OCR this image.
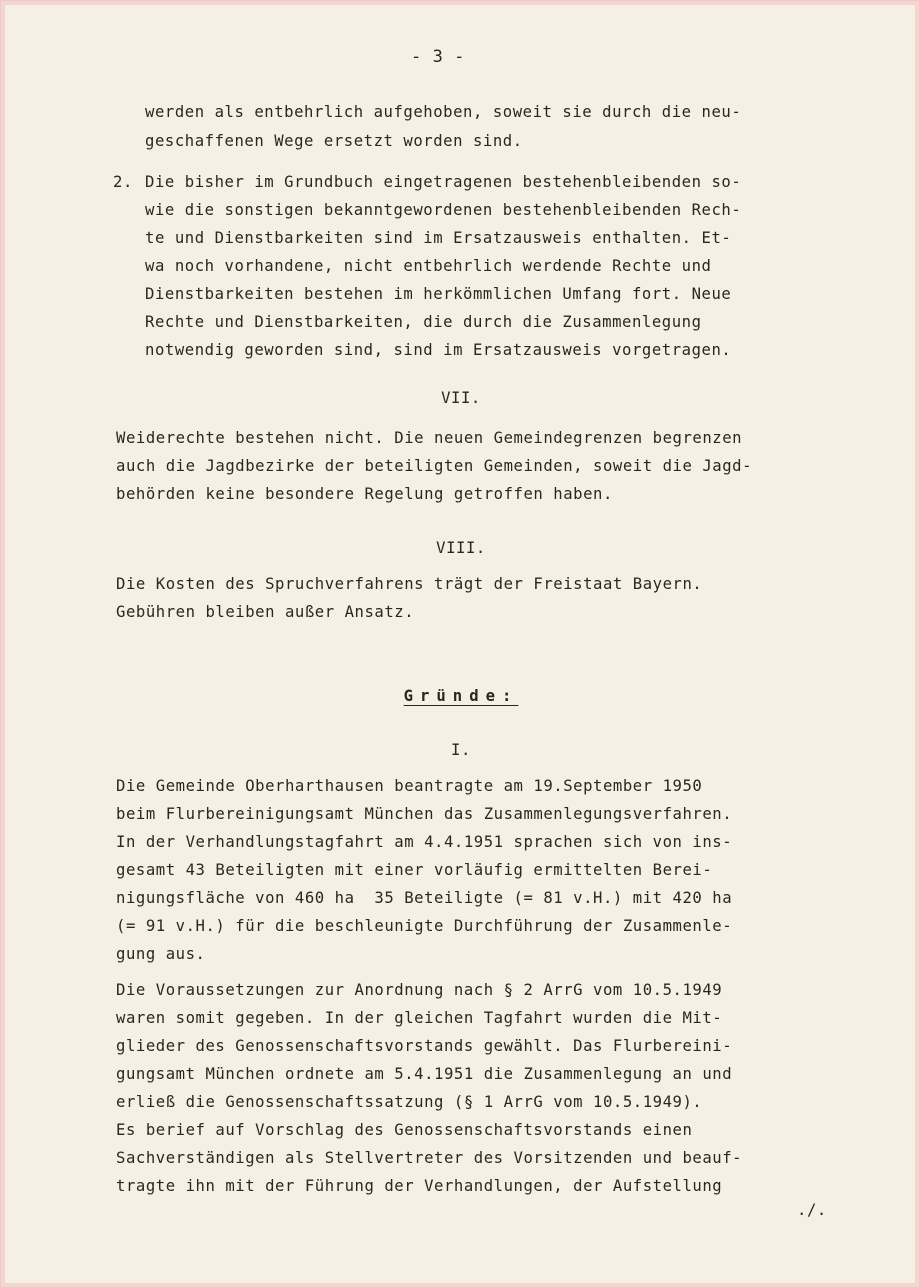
- 3 -
werden als entbehrlich aufgehoben, soweit sie durch die neu-
geschaffenen Wege ersetzt worden sind.
2. Die bisher im Grundbuch eingetragenen bestehenbleibenden so-
wie die sonstigen bekanntgewordenen bestehenbleibenden Rech-
te und Dienstbarkeiten sind im Ersatzausweis enthalten. Et-
wa noch vorhandene, nicht entbehrlich werdende Rechte und
Dienstbarkeiten bestehen im herkömmlichen Umfang fort. Neue
Rechte und Dienstbarkeiten, die durch die Zusammenlegung
notwendig geworden sind, sind im Ersatzausweis vorgetragen.
VII.
Weiderechte bestehen nicht. Die neuen Gemeindegrenzen begrenzen
auch die Jagdbezirke der beteiligten Gemeinden, soweit die Jagd-
behörden keine besondere Regelung getroffen haben.
VIII.
Die Kosten des Spruchverfahrens trägt der Freistaat Bayern.
Gebühren bleiben außer Ansatz.
Gründe:
I.
Die Gemeinde Oberharthausen beantragte am 19.September 1950
beim Flurbereinigungsamt München das Zusammenlegungsverfahren.
In der Verhandlungstagfahrt am 4.4.1951 sprachen sich von ins-
gesamt 43 Beteiligten mit einer vorläufig ermittelten Berei-
nigungsfläche von 460 ha  35 Beteiligte (= 81 v.H.) mit 420 ha
(= 91 v.H.) für die beschleunigte Durchführung der Zusammenle-
gung aus.
Die Voraussetzungen zur Anordnung nach § 2 ArrG vom 10.5.1949
waren somit gegeben. In der gleichen Tagfahrt wurden die Mit-
glieder des Genossenschaftsvorstands gewählt. Das Flurbereini-
gungsamt München ordnete am 5.4.1951 die Zusammenlegung an und
erließ die Genossenschaftssatzung (§ 1 ArrG vom 10.5.1949).
Es berief auf Vorschlag des Genossenschaftsvorstands einen
Sachverständigen als Stellvertreter des Vorsitzenden und beauf-
tragte ihn mit der Führung der Verhandlungen, der Aufstellung
./.
